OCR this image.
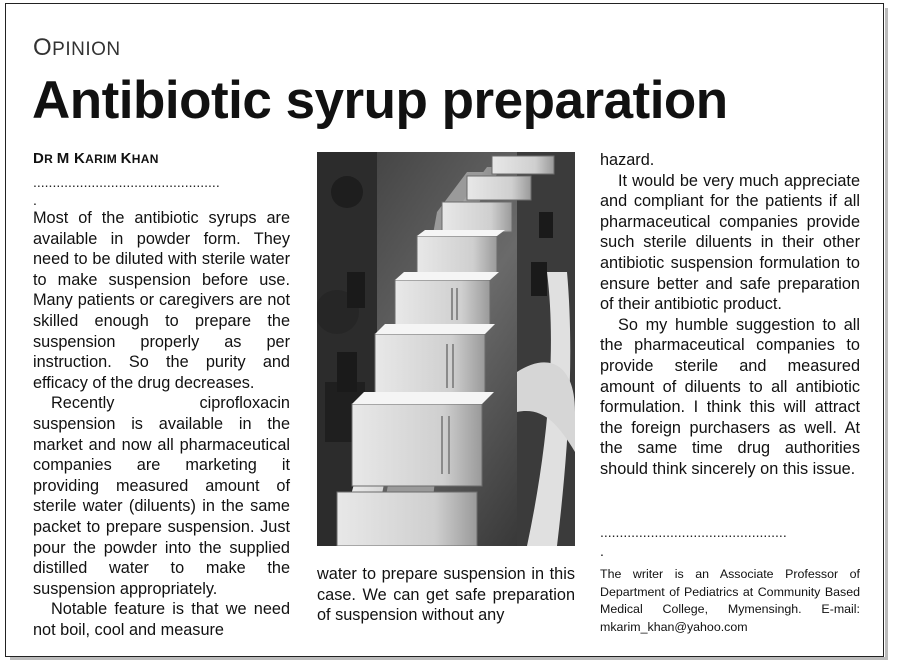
OPINION
Antibiotic syrup preparation
DR M KARIM KHAN
................................................
.

Most of the antibiotic syrups are available in powder form. They need to be diluted with sterile water to make suspension before use. Many patients or caregivers are not skilled enough to prepare the suspension properly as per instruction. So the purity and efficacy of the drug decreases.

Recently ciprofloxacin suspension is available in the market and now all pharmaceutical companies are marketing it providing measured amount of sterile water (diluents) in the same packet to prepare suspension. Just pour the powder into the supplied distilled water to make the suspension appropriately.

Notable feature is that we need not boil, cool and measure

water to prepare suspension in this case. We can get safe preparation of suspension without any

hazard.

It would be very much appreciate and compliant for the patients if all pharmaceutical companies provide such sterile diluents in their other antibiotic suspension formulation to ensure better and safe preparation of their antibiotic product.

So my humble suggestion to all the pharmaceutical companies to provide sterile and measured amount of diluents to all antibiotic formulation. I think this will attract the foreign purchasers as well. At the same time drug authorities should think sincerely on this issue.

................................................
.
The writer is an Associate Professor of Department of Pediatrics at Community Based Medical College, Mymensingh. E-mail: mkarim_khan@yahoo.com
